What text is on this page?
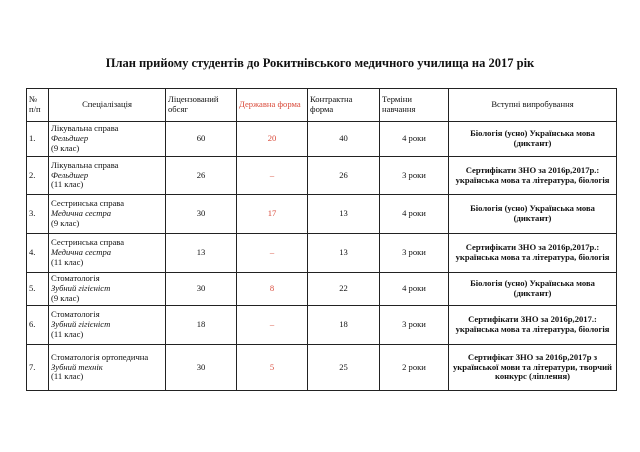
План прийому студентів до Рокитнівського медичного училища на 2017 рік
№ п/п	Спеціалізація	Ліцензований обсяг	Державна форма	Контрактна форма	Терміни навчання	Вступні випробування
1.	Лікувальна справа
Фельдшер
(9 клас)	60	20	40	4 роки	Біологія (усно) Українська мова (диктант)
2.	Лікувальна справа
Фельдшер
(11 клас)	26	–	26	3 роки	Сертифікати ЗНО за 2016р,2017р.: українська мова та література, біологія
3.	Сестринська справа
Медична сестра
(9 клас)	30	17	13	4 роки	Біологія (усно) Українська мова (диктант)
4.	Сестринська справа
Медична сестра
(11 клас)	13	–	13	3 роки	Сертифікати ЗНО за 2016р,2017р.: українська мова та література, біологія
5.	Стоматологія
Зубний гігієніст
(9 клас)	30	8	22	4 роки	Біологія (усно) Українська мова (диктант)
6.	Стоматологія
Зубний гігієніст
(11 клас)	18	–	18	3 роки	Сертифікати ЗНО за 2016р,2017.: українська мова та література, біологія
7.	Стоматологія ортопедична
Зубний технік
(11 клас)	30	5	25	2 роки	Сертифікат ЗНО за 2016р,2017р з української мови та літератури, творчий конкурс (ліплення)
